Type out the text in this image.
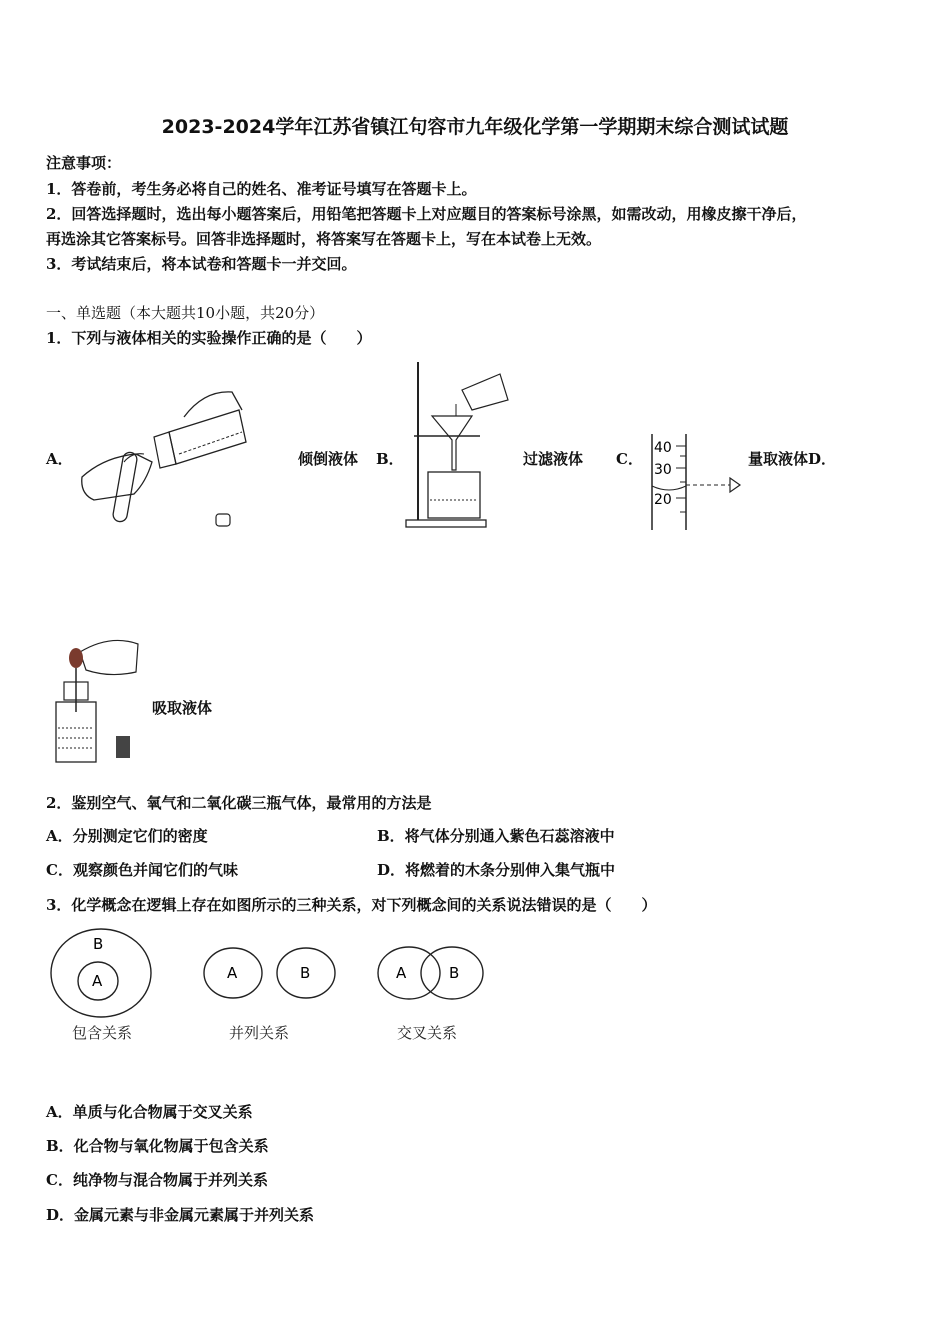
2023-2024学年江苏省镇江句容市九年级化学第一学期期末综合测试试题
注意事项：
1．答卷前，考生务必将自己的姓名、准考证号填写在答题卡上。
2．回答选择题时，选出每小题答案后，用铅笔把答题卡上对应题目的答案标号涂黑，如需改动，用橡皮擦干净后，
再选涂其它答案标号。回答非选择题时，将答案写在答题卡上，写在本试卷上无效。
3．考试结束后，将本试卷和答题卡一并交回。
一、单选题（本大题共10小题，共20分）
1．下列与液体相关的实验操作正确的是（　　）
A．	倾倒液体 B．	过滤液体 C．
40
30
20
量取液体D．
吸取液体
2．鉴别空气、氧气和二氧化碳三瓶气体，最常用的方法是
A．分别测定它们的密度	B．将气体分别通入紫色石蕊溶液中
C．观察颜色并闻它们的气味	D．将燃着的木条分别伸入集气瓶中
3．化学概念在逻辑上存在如图所示的三种关系，对下列概念间的关系说法错误的是（　　）
B
A	A	B	A	B
包含关系	并列关系	交叉关系
A．单质与化合物属于交叉关系
B．化合物与氧化物属于包含关系
C．纯净物与混合物属于并列关系
D．金属元素与非金属元素属于并列关系
